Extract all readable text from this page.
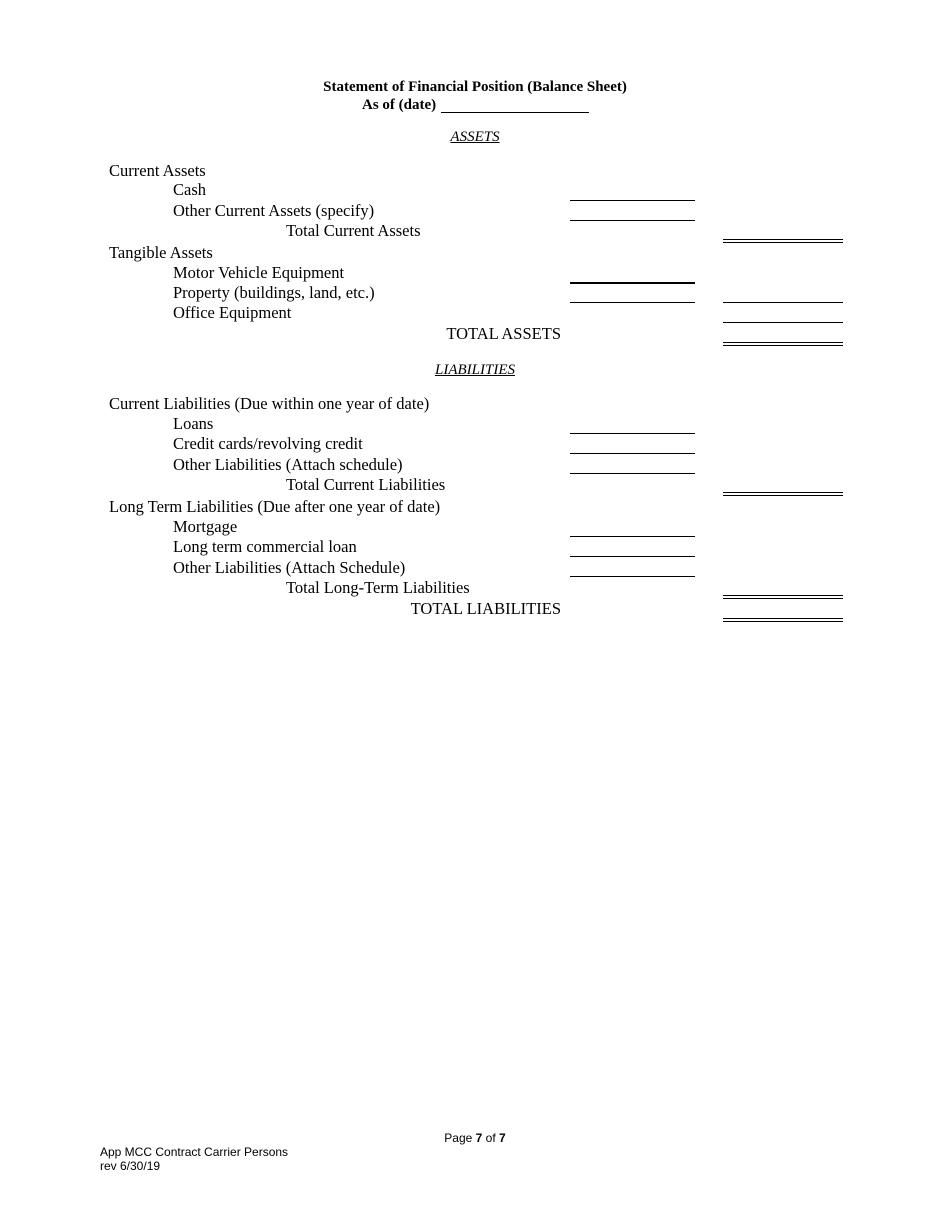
Statement of Financial Position (Balance Sheet)
As of (date)
ASSETS
Current Assets
Cash
Other Current Assets (specify)
Total Current Assets
Tangible Assets
Motor Vehicle Equipment
Property (buildings, land, etc.)
Office Equipment
TOTAL ASSETS
LIABILITIES
Current Liabilities (Due within one year of date)
Loans
Credit cards/revolving credit
Other Liabilities (Attach schedule)
Total Current Liabilities
Long Term Liabilities (Due after one year of date)
Mortgage
Long term commercial loan
Other Liabilities (Attach Schedule)
Total Long-Term Liabilities
TOTAL LIABILITIES
Page 7 of 7
App MCC Contract Carrier Persons
rev 6/30/19
